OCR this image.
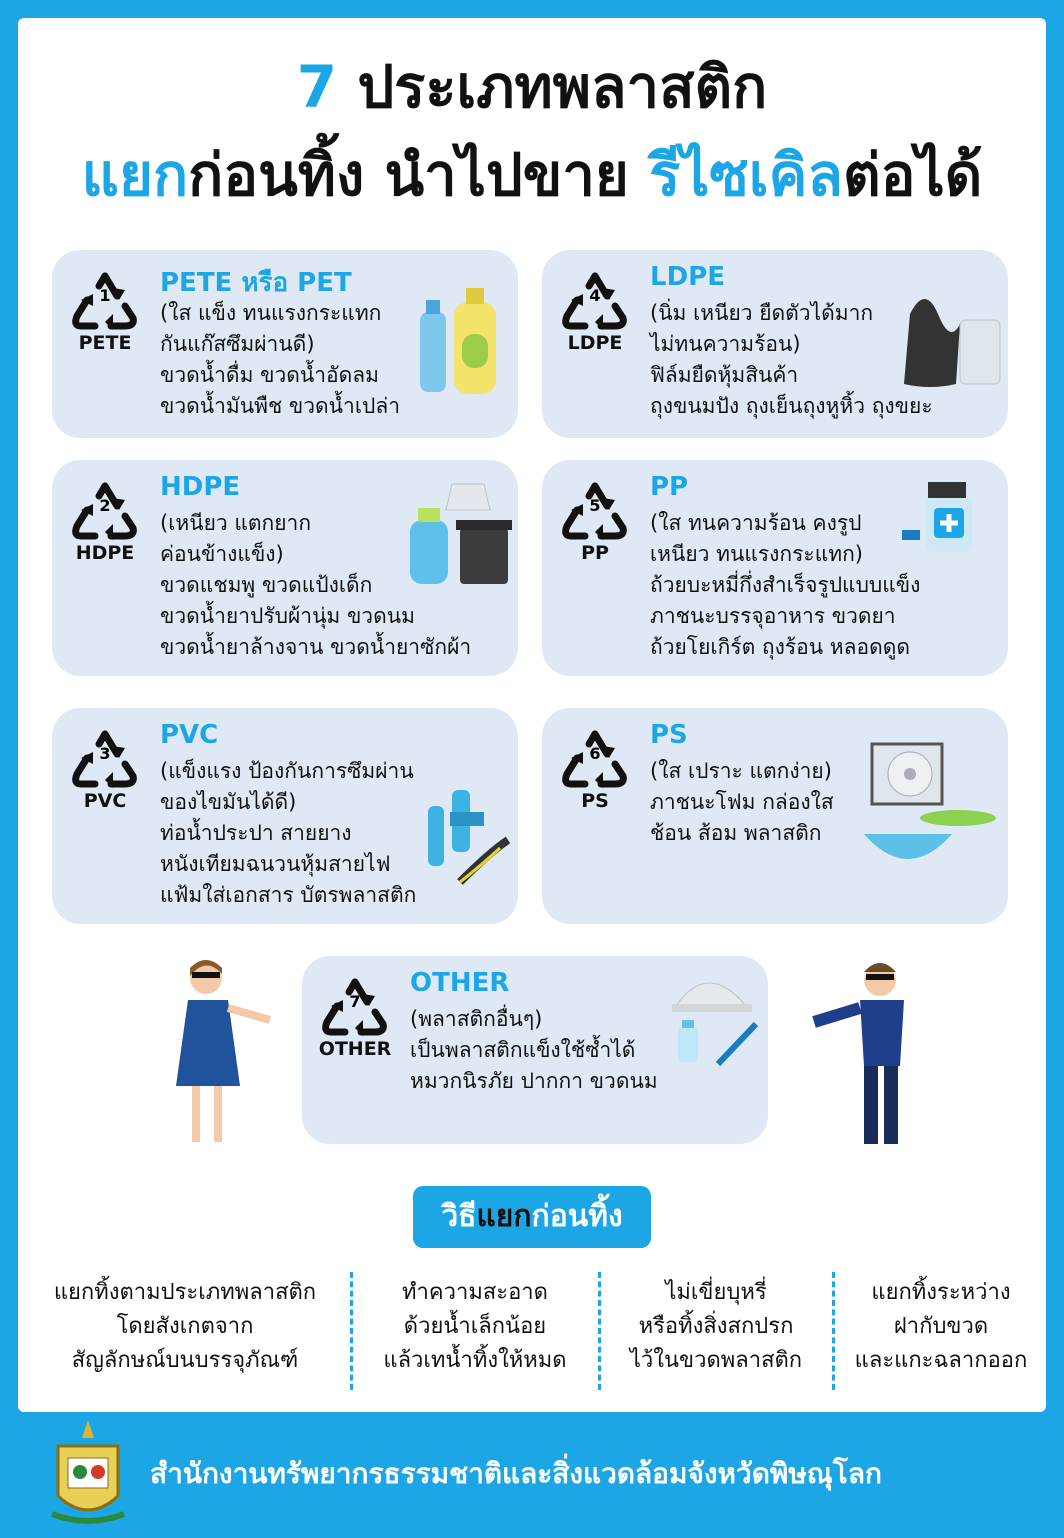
7 ประเภทพลาสติก
แยกก่อนทิ้ง นำไปขาย รีไซเคิลต่อได้
วิธีแยกก่อนทิ้ง
แยกทิ้งตามประเภทพลาสติก
โดยสังเกตจาก
สัญลักษณ์บนบรรจุภัณฑ์
ทำความสะอาด
ด้วยน้ำเล็กน้อย
แล้วเทน้ำทิ้งให้หมด
ไม่เขี่ยบุหรี่
หรือทิ้งสิ่งสกปรก
ไว้ในขวดพลาสติก
แยกทิ้งระหว่าง
ฝากับขวด
และแกะฉลากออก
สำนักงานทรัพยากรธรรมชาติและสิ่งแวดล้อมจังหวัดพิษณุโลก
1
PETE
PETE หรือ PET
(ใส แข็ง ทนแรงกระแทก
กันแก๊สซึมผ่านดี)
ขวดน้ำดื่ม ขวดน้ำอัดลม
ขวดน้ำมันพืช ขวดน้ำเปล่า
4
LDPE
LDPE
(นิ่ม เหนียว ยืดตัวได้มาก
ไม่ทนความร้อน)
ฟิล์มยืดหุ้มสินค้า
ถุงขนมปัง ถุงเย็นถุงหูหิ้ว ถุงขยะ
2
HDPE
HDPE
(เหนียว แตกยาก
ค่อนข้างแข็ง)
ขวดแชมพู ขวดแป้งเด็ก
ขวดน้ำยาปรับผ้านุ่ม ขวดนม
ขวดน้ำยาล้างจาน ขวดน้ำยาซักผ้า
5
PP
PP
(ใส ทนความร้อน คงรูป
เหนียว ทนแรงกระแทก)
ถ้วยบะหมี่กึ่งสำเร็จรูปแบบแข็ง
ภาชนะบรรจุอาหาร ขวดยา
ถ้วยโยเกิร์ต ถุงร้อน หลอดดูด
3
PVC
PVC
(แข็งแรง ป้องกันการซึมผ่าน
ของไขมันได้ดี)
ท่อน้ำประปา สายยาง
หนังเทียมฉนวนหุ้มสายไฟ
แฟ้มใส่เอกสาร บัตรพลาสติก
6
PS
PS
(ใส เปราะ แตกง่าย)
ภาชนะโฟม กล่องใส
ช้อน ส้อม พลาสติก
7
OTHER
OTHER
(พลาสติกอื่นๆ)
เป็นพลาสติกแข็งใช้ซ้ำได้
หมวกนิรภัย ปากกา ขวดนม
